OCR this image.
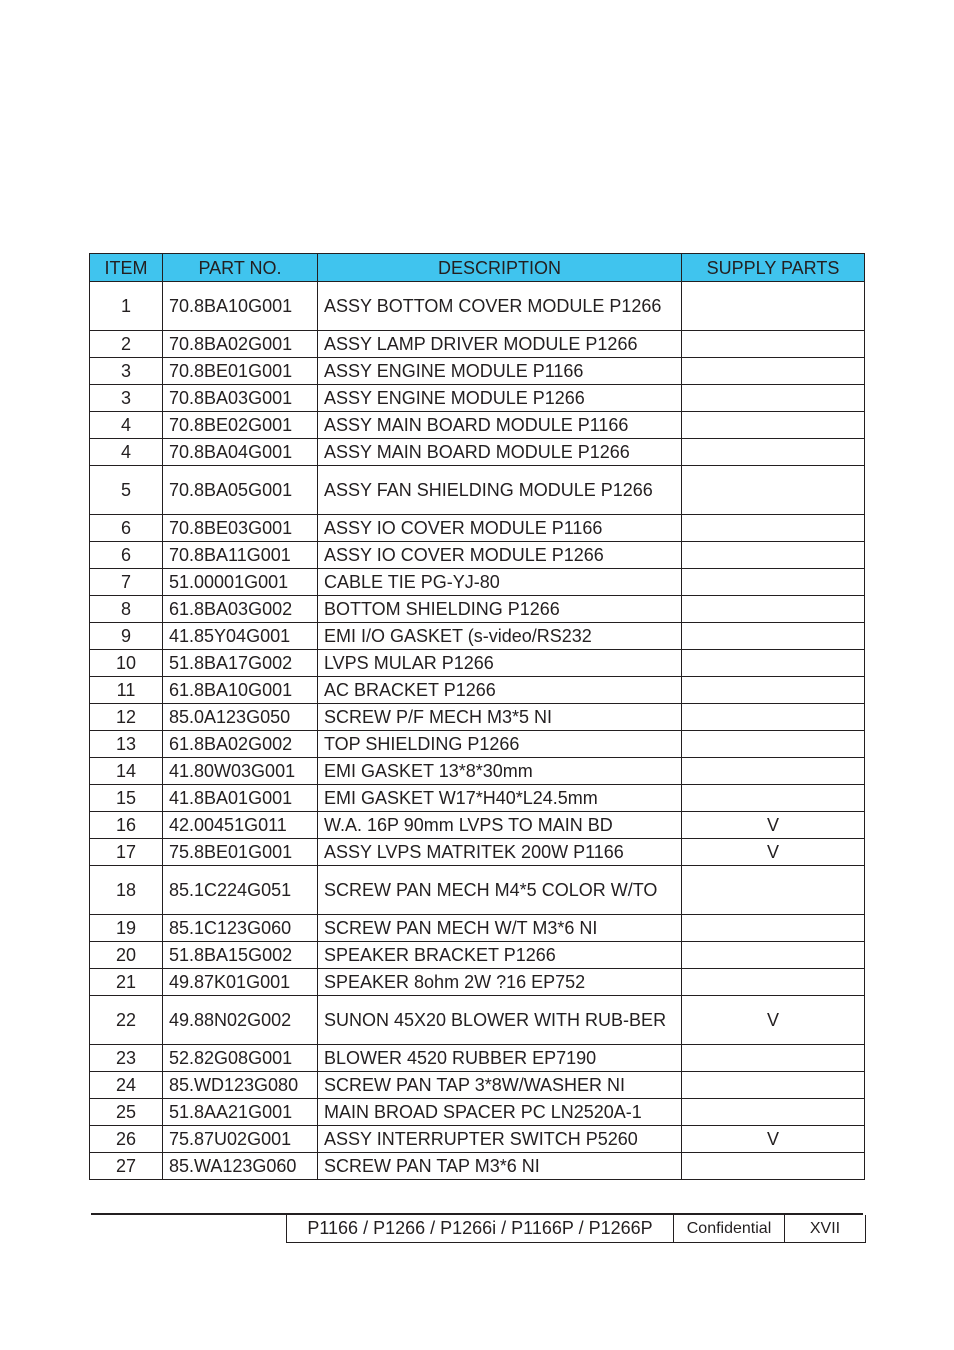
ITEM	PART NO.	DESCRIPTION	SUPPLY PARTS
1	70.8BA10G001	ASSY BOTTOM COVER MODULE P1266	
2	70.8BA02G001	ASSY LAMP DRIVER MODULE P1266	
3	70.8BE01G001	ASSY ENGINE MODULE P1166	
3	70.8BA03G001	ASSY ENGINE MODULE P1266	
4	70.8BE02G001	ASSY MAIN BOARD MODULE P1166	
4	70.8BA04G001	ASSY MAIN BOARD MODULE P1266	
5	70.8BA05G001	ASSY FAN SHIELDING MODULE P1266	
6	70.8BE03G001	ASSY IO COVER MODULE P1166	
6	70.8BA11G001	ASSY IO COVER MODULE P1266	
7	51.00001G001	CABLE TIE PG-YJ-80	
8	61.8BA03G002	BOTTOM SHIELDING P1266	
9	41.85Y04G001	EMI I/O GASKET (s-video/RS232	
10	51.8BA17G002	LVPS MULAR P1266	
11	61.8BA10G001	AC BRACKET P1266	
12	85.0A123G050	SCREW P/F MECH M3*5 NI	
13	61.8BA02G002	TOP SHIELDING P1266	
14	41.80W03G001	EMI GASKET 13*8*30mm	
15	41.8BA01G001	EMI GASKET W17*H40*L24.5mm	
16	42.00451G011	W.A. 16P 90mm LVPS TO MAIN BD	V
17	75.8BE01G001	ASSY LVPS MATRITEK 200W P1166	V
18	85.1C224G051	SCREW PAN MECH M4*5 COLOR W/TO	
19	85.1C123G060	SCREW PAN MECH W/T M3*6 NI	
20	51.8BA15G002	SPEAKER BRACKET P1266	
21	49.87K01G001	SPEAKER 8ohm 2W ?16 EP752	
22	49.88N02G002	SUNON 45X20 BLOWER WITH RUB-BER	V
23	52.82G08G001	BLOWER 4520 RUBBER EP7190	
24	85.WD123G080	SCREW PAN TAP 3*8W/WASHER NI	
25	51.8AA21G001	MAIN BROAD SPACER PC LN2520A-1	
26	75.87U02G001	ASSY INTERRUPTER SWITCH P5260	V
27	85.WA123G060	SCREW PAN TAP M3*6 NI	
P1166 / P1266 / P1266i / P1166P / P1266P	Confidential	XVII
